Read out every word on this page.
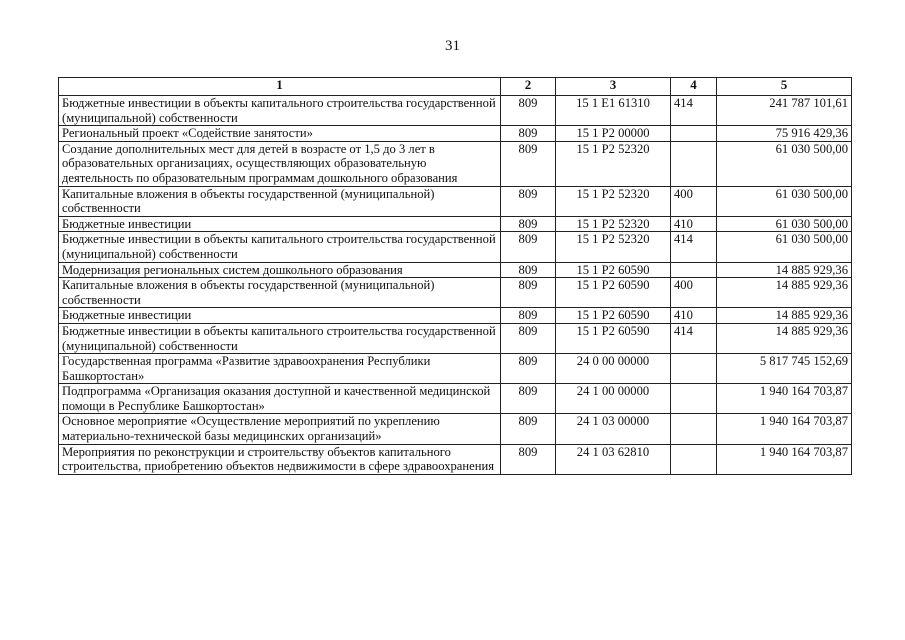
31
1	2	3	4	5
Бюджетные инвестиции в объекты капитального строительства государственной (муниципальной) собственности	809	15 1 E1 61310	414	241 787 101,61
Региональный проект «Содействие занятости»	809	15 1 P2 00000		75 916 429,36
Создание дополнительных мест для детей в возрасте от 1,5 до 3 лет в образовательных организациях, осуществляющих образовательную деятельность по образовательным программам дошкольного образования	809	15 1 P2 52320		61 030 500,00
Капитальные вложения в объекты государственной (муниципальной) собственности	809	15 1 P2 52320	400	61 030 500,00
Бюджетные инвестиции	809	15 1 P2 52320	410	61 030 500,00
Бюджетные инвестиции в объекты капитального строительства государственной (муниципальной) собственности	809	15 1 P2 52320	414	61 030 500,00
Модернизация региональных систем дошкольного образования	809	15 1 P2 60590		14 885 929,36
Капитальные вложения в объекты государственной (муниципальной) собственности	809	15 1 P2 60590	400	14 885 929,36
Бюджетные инвестиции	809	15 1 P2 60590	410	14 885 929,36
Бюджетные инвестиции в объекты капитального строительства государственной (муниципальной) собственности	809	15 1 P2 60590	414	14 885 929,36
Государственная программа «Развитие здравоохранения Республики Башкортостан»	809	24 0 00 00000		5 817 745 152,69
Подпрограмма «Организация оказания доступной и качественной медицинской помощи в Республике Башкортостан»	809	24 1 00 00000		1 940 164 703,87
Основное мероприятие «Осуществление мероприятий по укреплению материально-технической базы медицинских организаций»	809	24 1 03 00000		1 940 164 703,87
Мероприятия по реконструкции и строительству объектов капитального строительства, приобретению объектов недвижимости в сфере здравоохранения	809	24 1 03 62810		1 940 164 703,87
